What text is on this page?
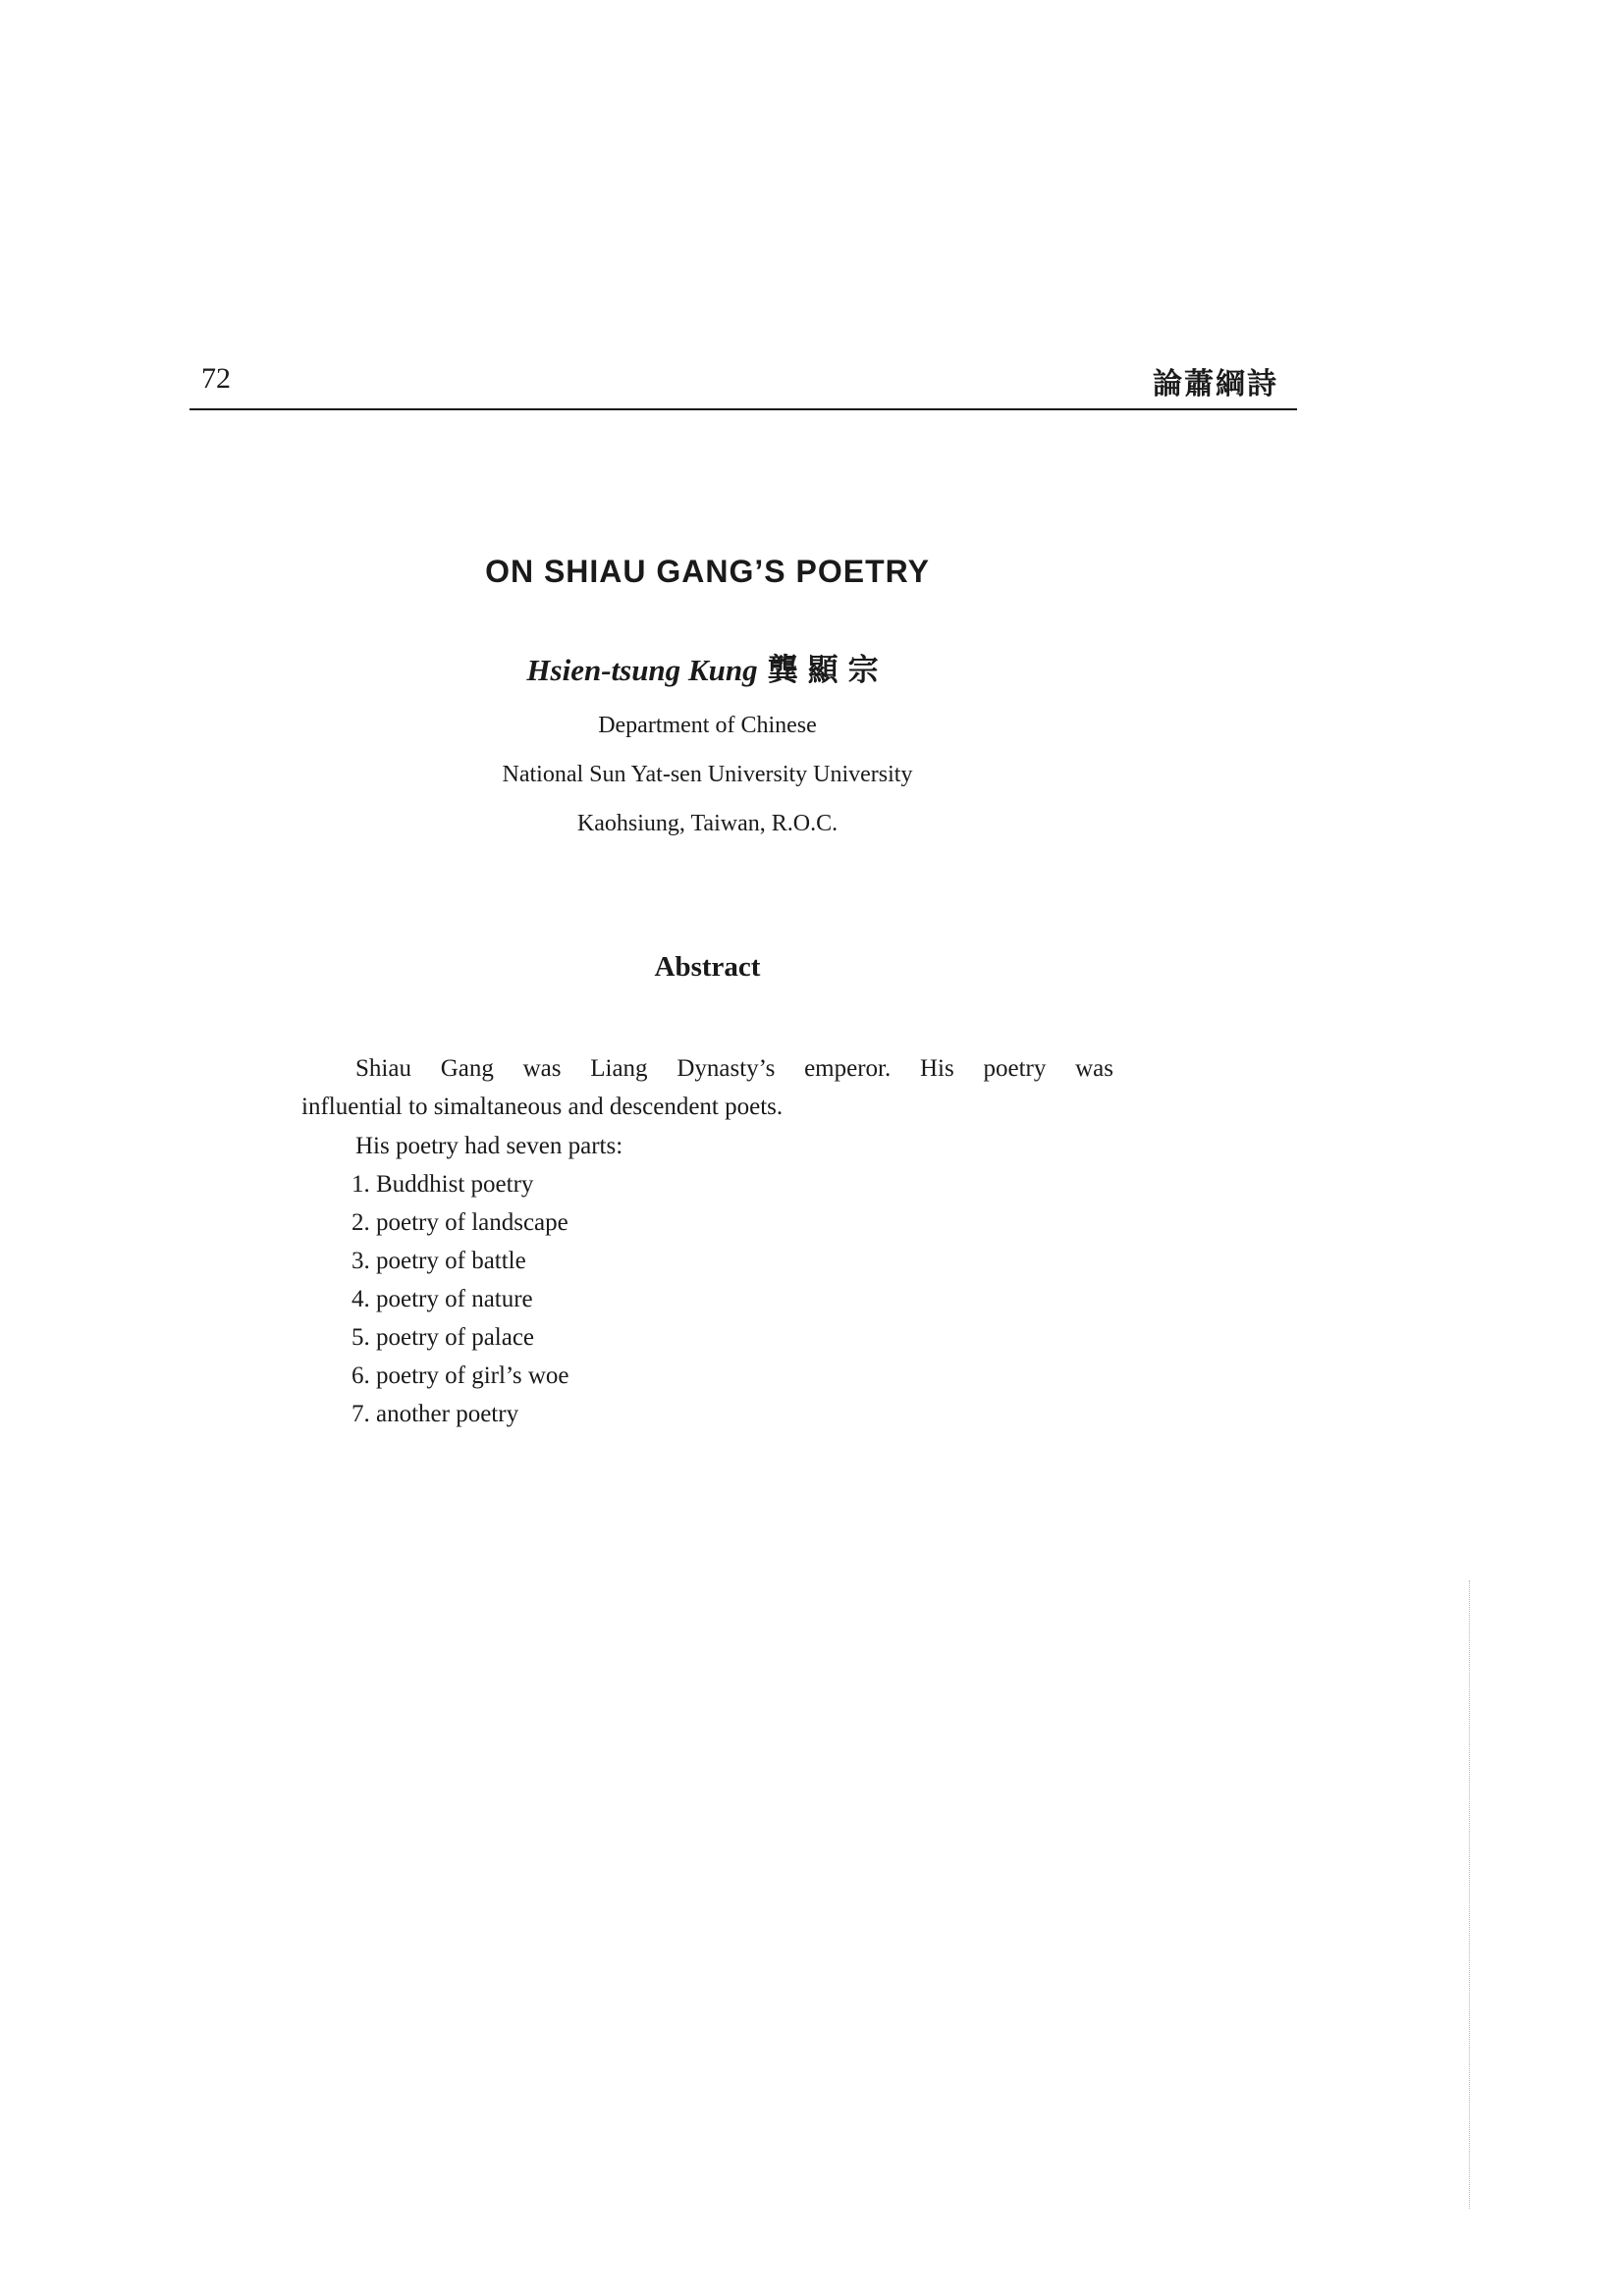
72	論蕭綱詩
ON SHIAU GANG’S POETRY
Hsien-tsung Kung 龔顯宗
Department of Chinese
National Sun Yat-sen University University
Kaohsiung, Taiwan, R.O.C.
Abstract
Shiau Gang was Liang Dynasty’s emperor. His poetry was
influential to simaltaneous and descendent poets.
His poetry had seven parts:
1. Buddhist poetry
2. poetry of landscape
3. poetry of battle
4. poetry of nature
5. poetry of palace
6. poetry of girl’s woe
7. another poetry
